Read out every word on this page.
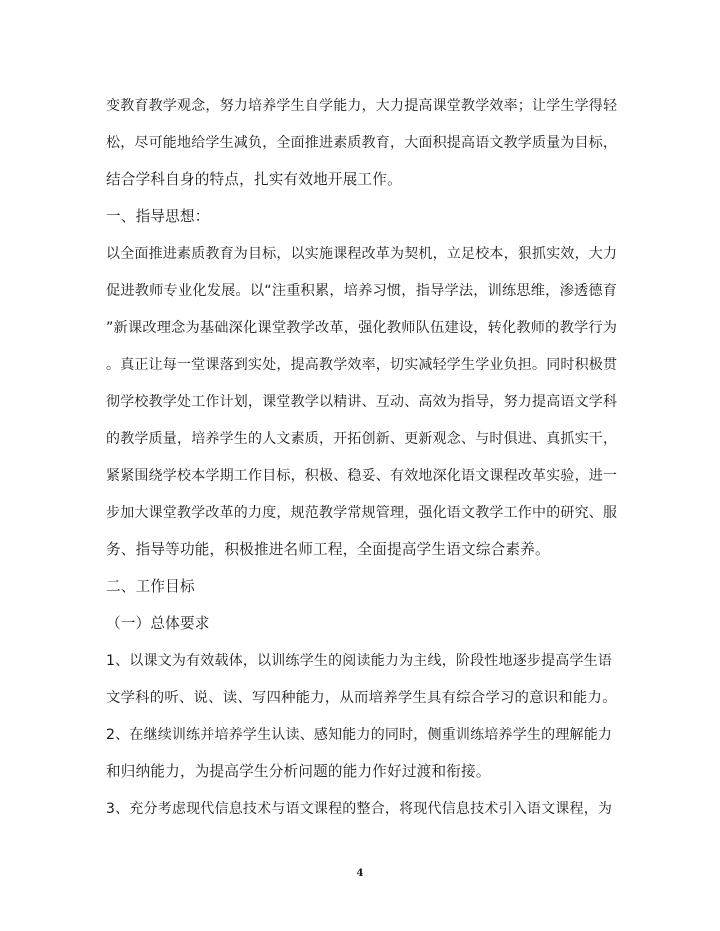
变教育教学观念，努力培养学生自学能力，大力提高课堂教学效率；让学生学得轻
松，尽可能地给学生减负，全面推进素质教育，大面积提高语文教学质量为目标，
结合学科自身的特点，扎实有效地开展工作。
一、指导思想：
以全面推进素质教育为目标，以实施课程改革为契机，立足校本，狠抓实效，大力
促进教师专业化发展。以“注重积累，培养习惯，指导学法，训练思维，渗透德育
”新课改理念为基础深化课堂教学改革，强化教师队伍建设，转化教师的教学行为
。真正让每一堂课落到实处，提高教学效率，切实减轻学生学业负担。同时积极贯
彻学校教学处工作计划，课堂教学以精讲、互动、高效为指导，努力提高语文学科
的教学质量，培养学生的人文素质，开拓创新、更新观念、与时俱进、真抓实干，
紧紧围绕学校本学期工作目标，积极、稳妥、有效地深化语文课程改革实验，进一
步加大课堂教学改革的力度，规范教学常规管理，强化语文教学工作中的研究、服
务、指导等功能，积极推进名师工程，全面提高学生语文综合素养。
二、工作目标
（一）总体要求
1、以课文为有效载体，以训练学生的阅读能力为主线，阶段性地逐步提高学生语
文学科的听、说、读、写四种能力，从而培养学生具有综合学习的意识和能力。
2、在继续训练并培养学生认读、感知能力的同时，侧重训练培养学生的理解能力
和归纳能力，为提高学生分析问题的能力作好过渡和衔接。
3、充分考虑现代信息技术与语文课程的整合，将现代信息技术引入语文课程，为
4
